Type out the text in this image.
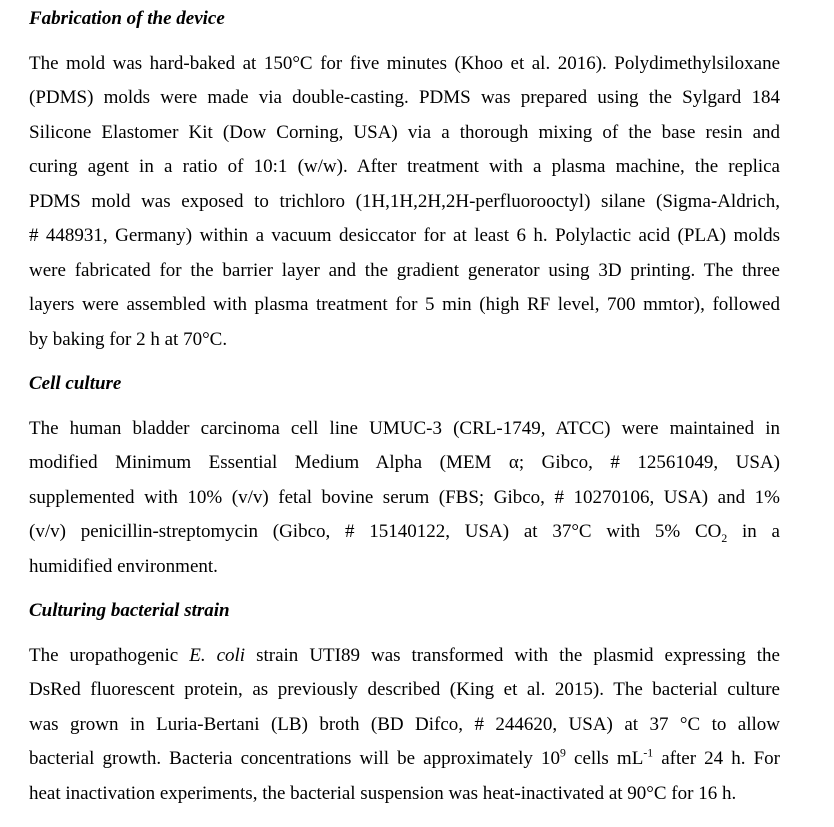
Fabrication of the device
The mold was hard-baked at 150°C for five minutes (Khoo et al. 2016). Polydimethylsiloxane
(PDMS) molds were made via double-casting. PDMS was prepared using the Sylgard 184
Silicone Elastomer Kit (Dow Corning, USA) via a thorough mixing of the base resin and
curing agent in a ratio of 10:1 (w/w). After treatment with a plasma machine, the replica
PDMS mold was exposed to trichloro (1H,1H,2H,2H-perfluorooctyl) silane (Sigma-Aldrich,
# 448931, Germany) within a vacuum desiccator for at least 6 h. Polylactic acid (PLA) molds
were fabricated for the barrier layer and the gradient generator using 3D printing. The three
layers were assembled with plasma treatment for 5 min (high RF level, 700 mmtor), followed
by baking for 2 h at 70°C.
Cell culture
The human bladder carcinoma cell line UMUC-3 (CRL-1749, ATCC) were maintained in
modified Minimum Essential Medium Alpha (MEM α; Gibco, # 12561049, USA)
supplemented with 10% (v/v) fetal bovine serum (FBS; Gibco, # 10270106, USA) and 1%
(v/v) penicillin-streptomycin (Gibco, # 15140122, USA) at 37°C with 5% $CO_2$ in a
humidified environment.
Culturing bacterial strain
The uropathogenic E. coli strain UTI89 was transformed with the plasmid expressing the
DsRed fluorescent protein, as previously described (King et al. 2015). The bacterial culture
was grown in Luria-Bertani (LB) broth (BD Difco, # 244620, USA) at 37 °C to allow
bacterial growth. Bacteria concentrations will be approximately $10^9$ cells $mL^{-1}$ after 24 h. For
heat inactivation experiments, the bacterial suspension was heat-inactivated at 90°C for 16 h.
